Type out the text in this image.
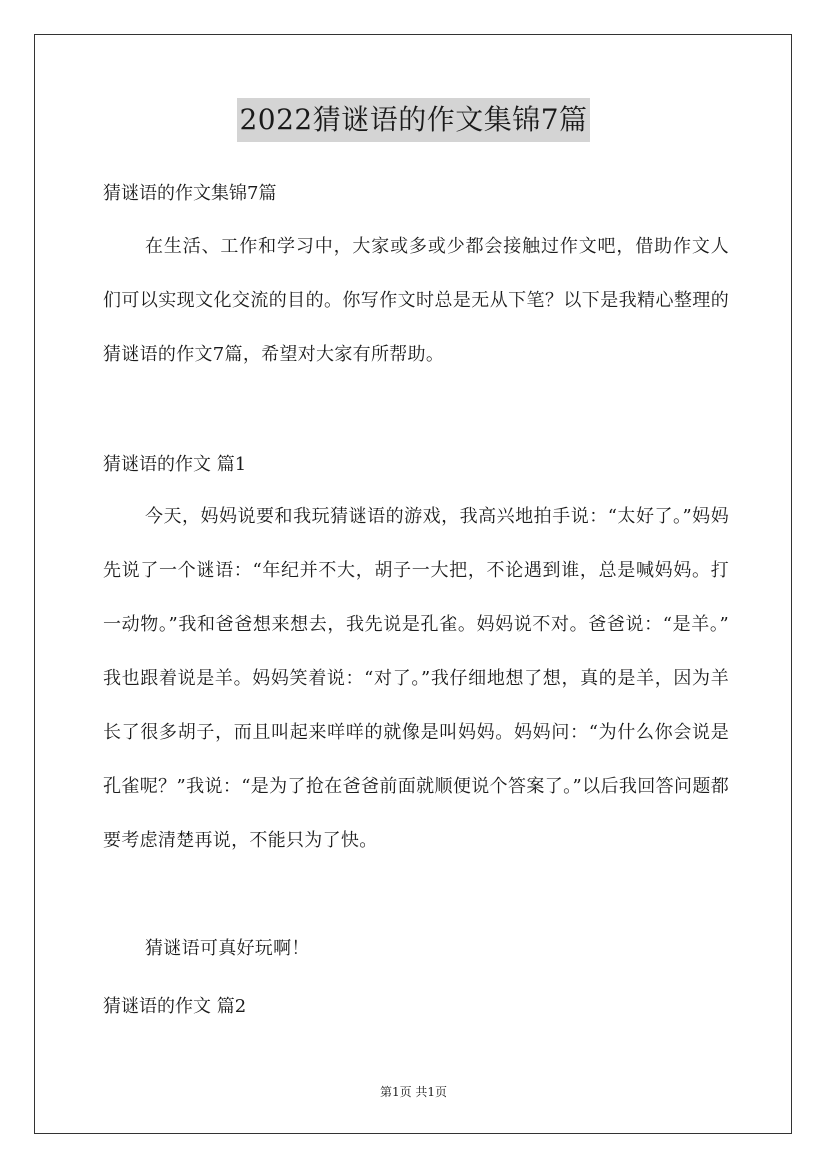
2022猜谜语的作文集锦7篇
猜谜语的作文集锦7篇
在生活、工作和学习中，大家或多或少都会接触过作文吧，借助作文人们可以实现文化交流的目的。你写作文时总是无从下笔？以下是我精心整理的猜谜语的作文7篇，希望对大家有所帮助。
猜谜语的作文 篇1
今天，妈妈说要和我玩猜谜语的游戏，我高兴地拍手说：“太好了。”妈妈先说了一个谜语：“年纪并不大，胡子一大把，不论遇到谁，总是喊妈妈。打一动物。”我和爸爸想来想去，我先说是孔雀。妈妈说不对。爸爸说：“是羊。” 我也跟着说是羊。妈妈笑着说：“对了。”我仔细地想了想，真的是羊，因为羊长了很多胡子，而且叫起来咩咩的就像是叫妈妈。妈妈问：“为什么你会说是孔雀呢？”我说：“是为了抢在爸爸前面就顺便说个答案了。”以后我回答问题都要考虑清楚再说，不能只为了快。
猜谜语可真好玩啊！
猜谜语的作文 篇2
第1页 共1页
